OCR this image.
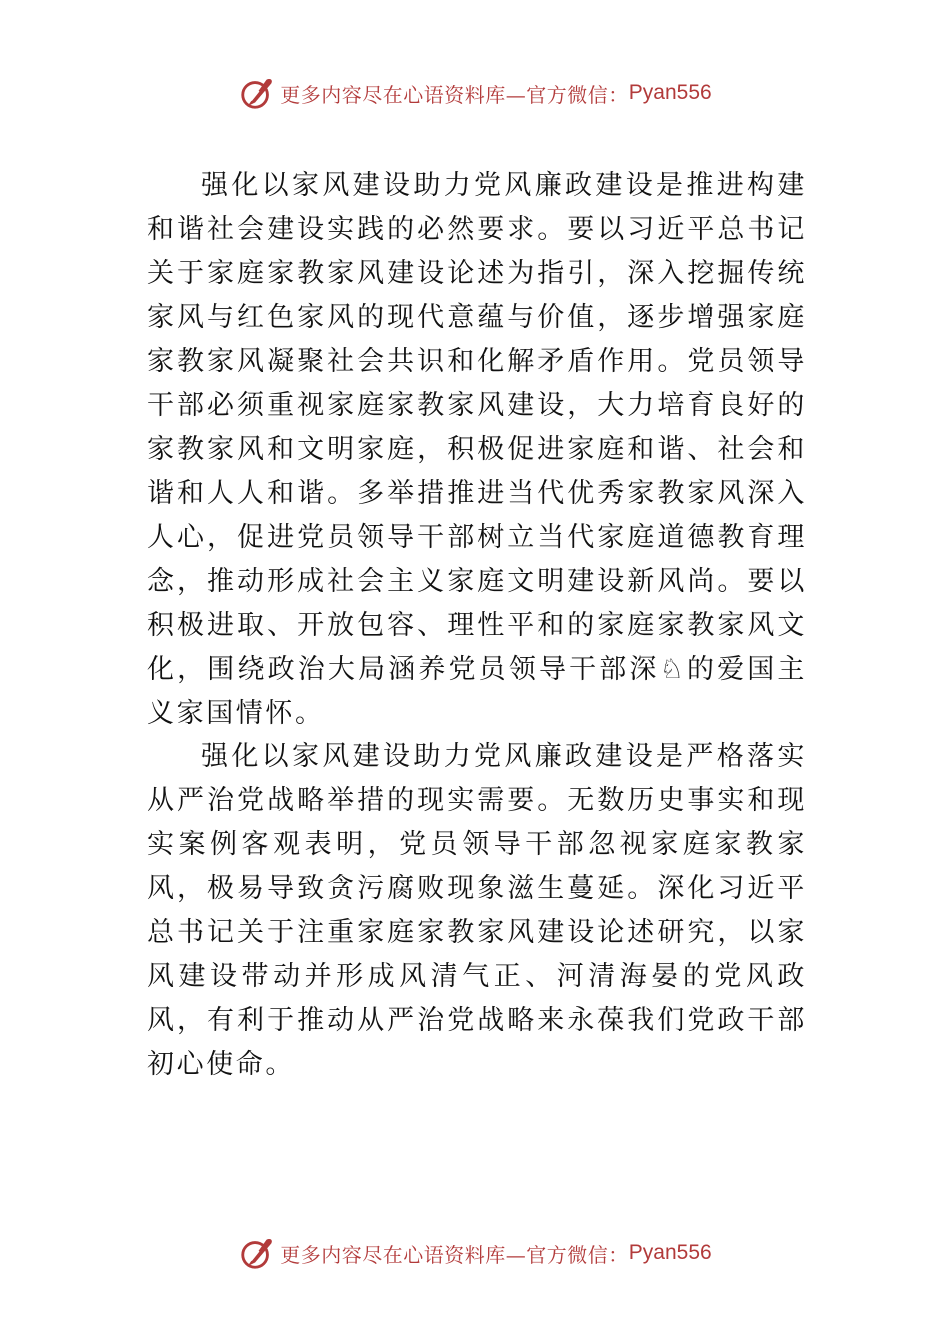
更多内容尽在心语资料库—官方微信： Pyan556

强化以家风建设助力党风廉政建设是推进构建和谐社会建设实践的必然要求。要以习近平总书记关于家庭家教家风建设论述为指引，深入挖掘传统家风与红色家风的现代意蕴与价值，逐步增强家庭家教家风凝聚社会共识和化解矛盾作用。党员领导干部必须重视家庭家教家风建设，大力培育良好的家教家风和文明家庭，积极促进家庭和谐、社会和谐和人人和谐。多举措推进当代优秀家教家风深入人心，促进党员领导干部树立当代家庭道德教育理念，推动形成社会主义家庭文明建设新风尚。要以积极进取、开放包容、理性平和的家庭家教家风文化，围绕政治大局涵养党员领导干部深♘的爱国主义家国情怀。

强化以家风建设助力党风廉政建设是严格落实从严治党战略举措的现实需要。无数历史事实和现实案例客观表明，党员领导干部忽视家庭家教家风，极易导致贪污腐败现象滋生蔓延。深化习近平总书记关于注重家庭家教家风建设论述研究，以家风建设带动并形成风清气正、河清海晏的党风政风，有利于推动从严治党战略来永葆我们党政干部初心使命。

更多内容尽在心语资料库—官方微信： Pyan556
